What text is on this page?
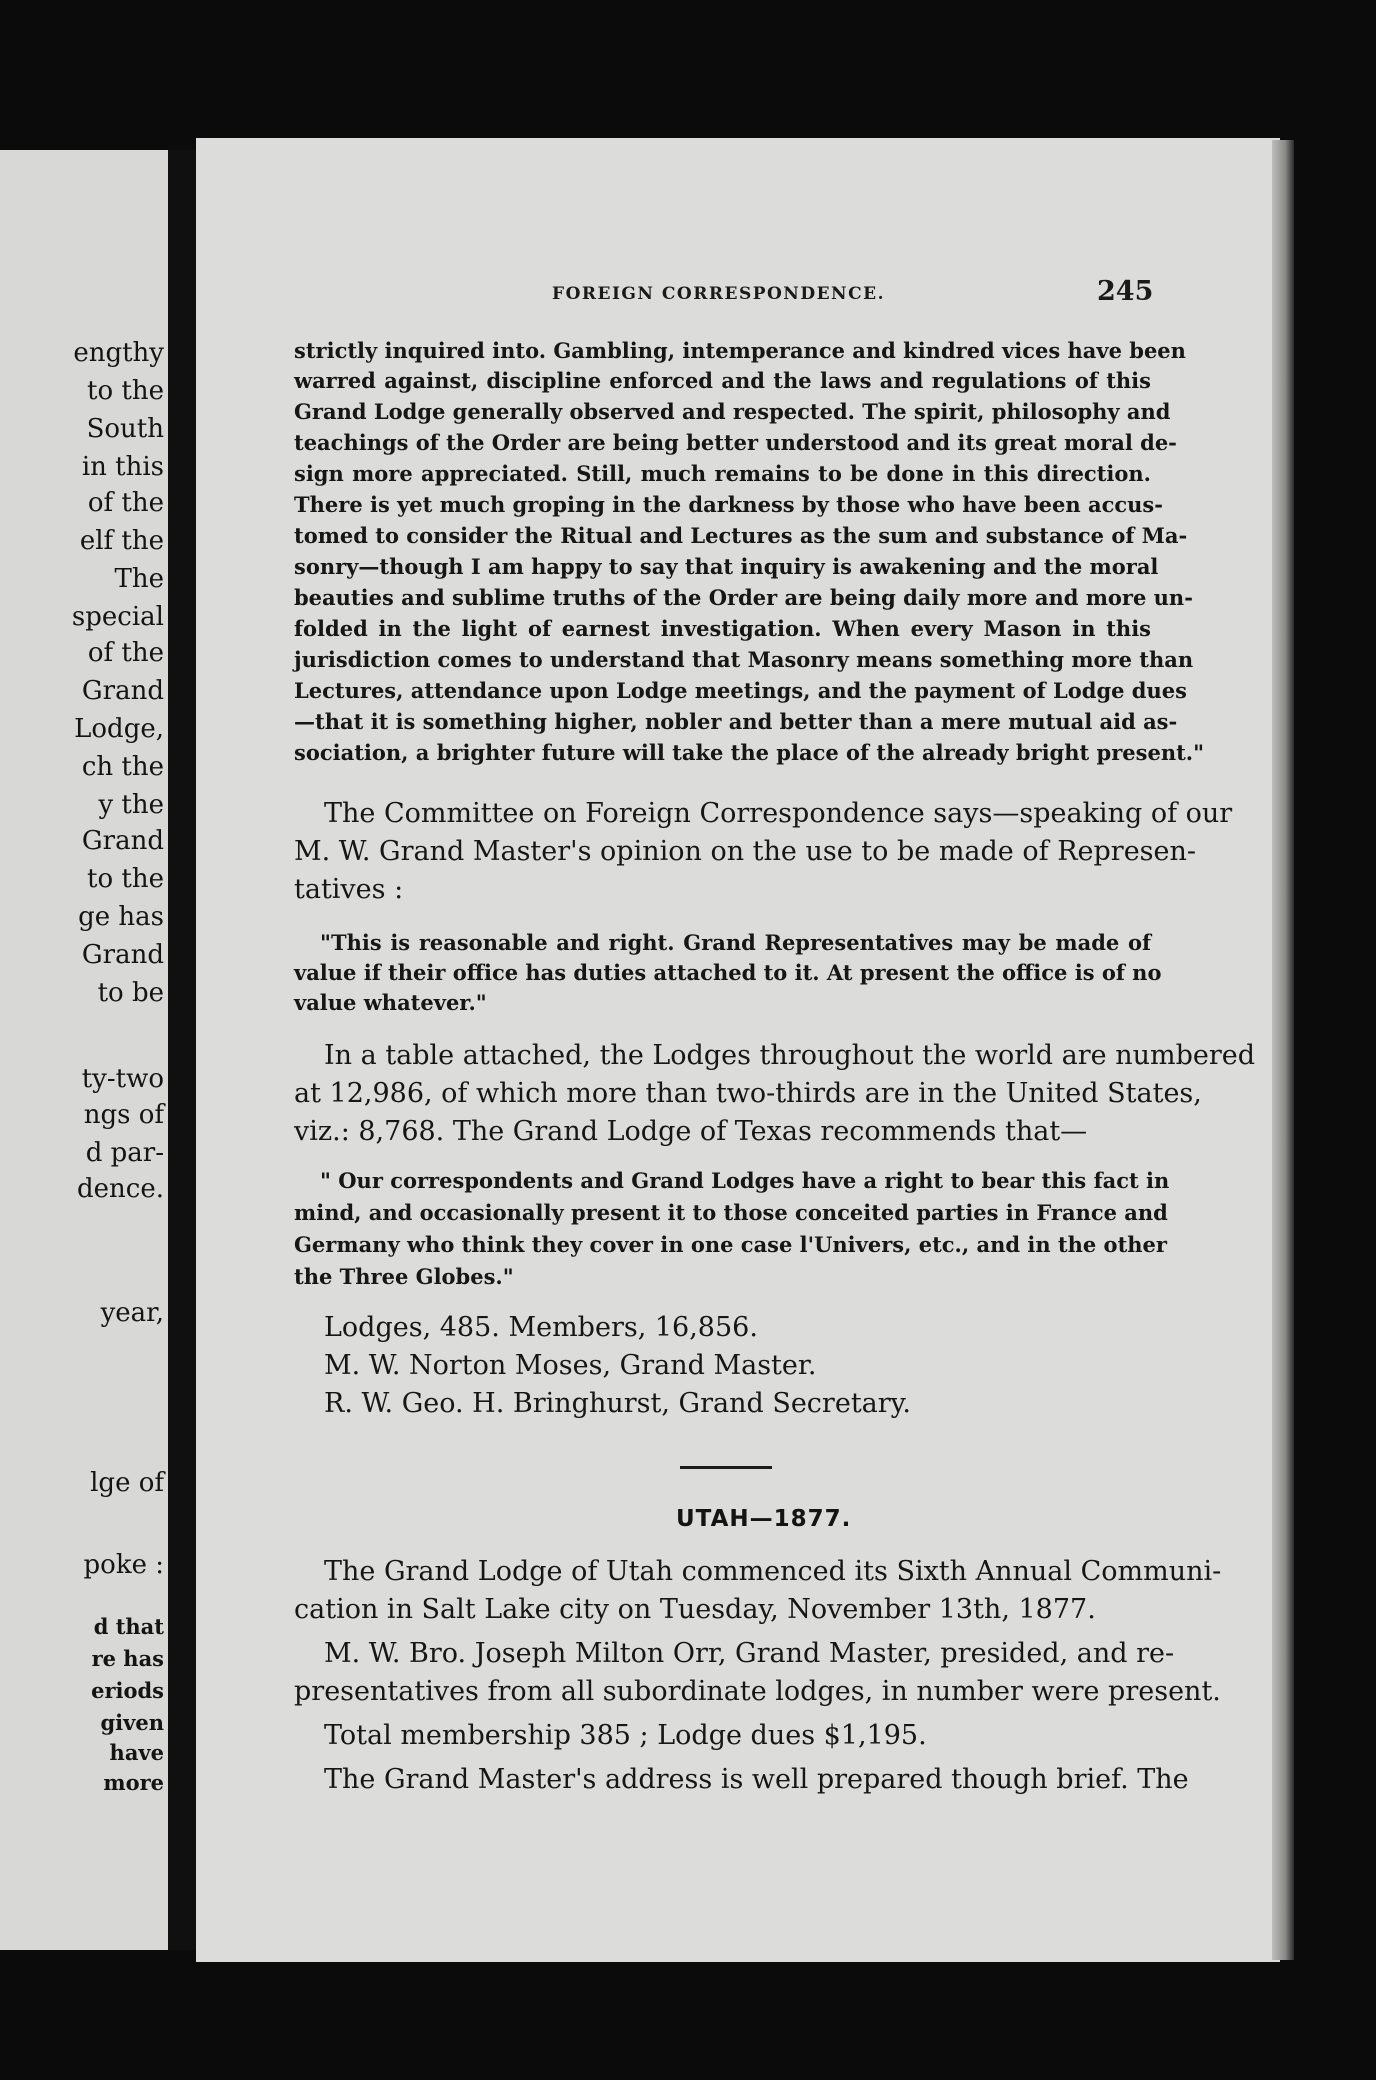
engthy
to the
South
in this
of the
elf the
The
special
of the
Grand
Lodge,
ch the
y the
Grand
to the
ge has
Grand
to be
ty-two
ngs of
d par-
dence.
year,
lge of
poke :
d that
re has
eriods
given
have
more
FOREIGN CORRESPONDENCE.	245
strictly inquired into. Gambling, intemperance and kindred vices have been
warred against, discipline enforced and the laws and regulations of this
Grand Lodge generally observed and respected. The spirit, philosophy and
teachings of the Order are being better understood and its great moral de-
sign more appreciated. Still, much remains to be done in this direction.
There is yet much groping in the darkness by those who have been accus-
tomed to consider the Ritual and Lectures as the sum and substance of Ma-
sonry—though I am happy to say that inquiry is awakening and the moral
beauties and sublime truths of the Order are being daily more and more un-
folded in the light of earnest investigation. When every Mason in this
jurisdiction comes to understand that Masonry means something more than
Lectures, attendance upon Lodge meetings, and the payment of Lodge dues
—that it is something higher, nobler and better than a mere mutual aid as-
sociation, a brighter future will take the place of the already bright present."
The Committee on Foreign Correspondence says—speaking of our
M. W. Grand Master's opinion on the use to be made of Represen-
tatives :
"This is reasonable and right. Grand Representatives may be made of
value if their office has duties attached to it. At present the office is of no
value whatever."
In a table attached, the Lodges throughout the world are numbered
at 12,986, of which more than two-thirds are in the United States,
viz.: 8,768. The Grand Lodge of Texas recommends that—
" Our correspondents and Grand Lodges have a right to bear this fact in
mind, and occasionally present it to those conceited parties in France and
Germany who think they cover in one case l'Univers, etc., and in the other
the Three Globes."
Lodges, 485. Members, 16,856.
M. W. Norton Moses, Grand Master.
R. W. Geo. H. Bringhurst, Grand Secretary.
UTAH—1877.
The Grand Lodge of Utah commenced its Sixth Annual Communi-
cation in Salt Lake city on Tuesday, November 13th, 1877.
M. W. Bro. Joseph Milton Orr, Grand Master, presided, and re-
presentatives from all subordinate lodges, in number were present.
Total membership 385 ; Lodge dues $1,195.
The Grand Master's address is well prepared though brief. The
